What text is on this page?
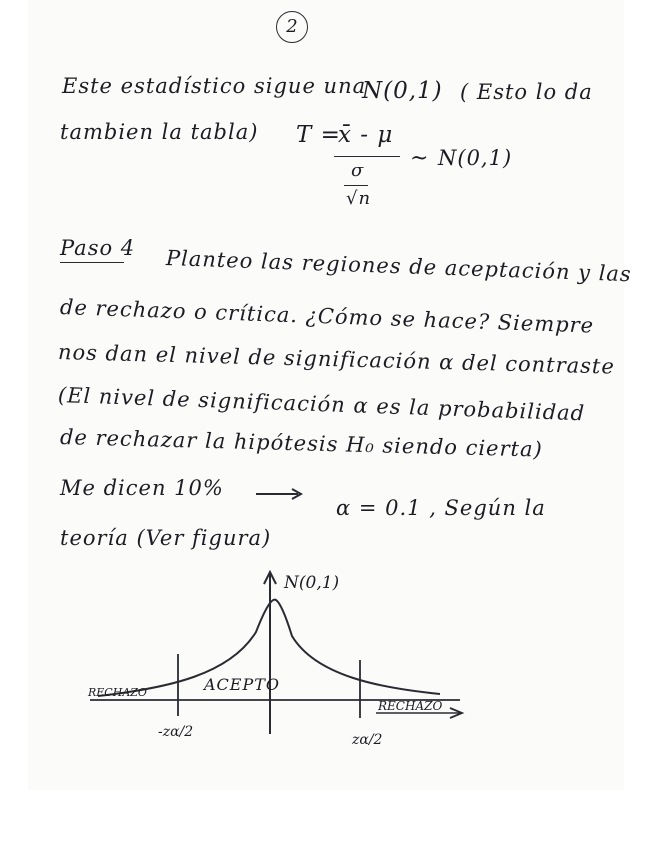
2
Este estadístico sigue una
N(0,1) ( Esto lo da
tambien la tabla) T =
x̄ - μ
~ N(0,1)
σ
√n
Paso 4 Planteo las regiones de aceptación y las
de rechazo o crítica. ¿Cómo se hace? Siempre
nos dan el nivel de significación α del contraste
(El nivel de significación α es la probabilidad
de rechazar la hipótesis H₀ siendo cierta)
Me dicen 10%
α = 0.1 , Según la
teoría (Ver figura)
N(0,1)
RECHAZO	ACEPTO
RECHAZO
-zα/2	zα/2
